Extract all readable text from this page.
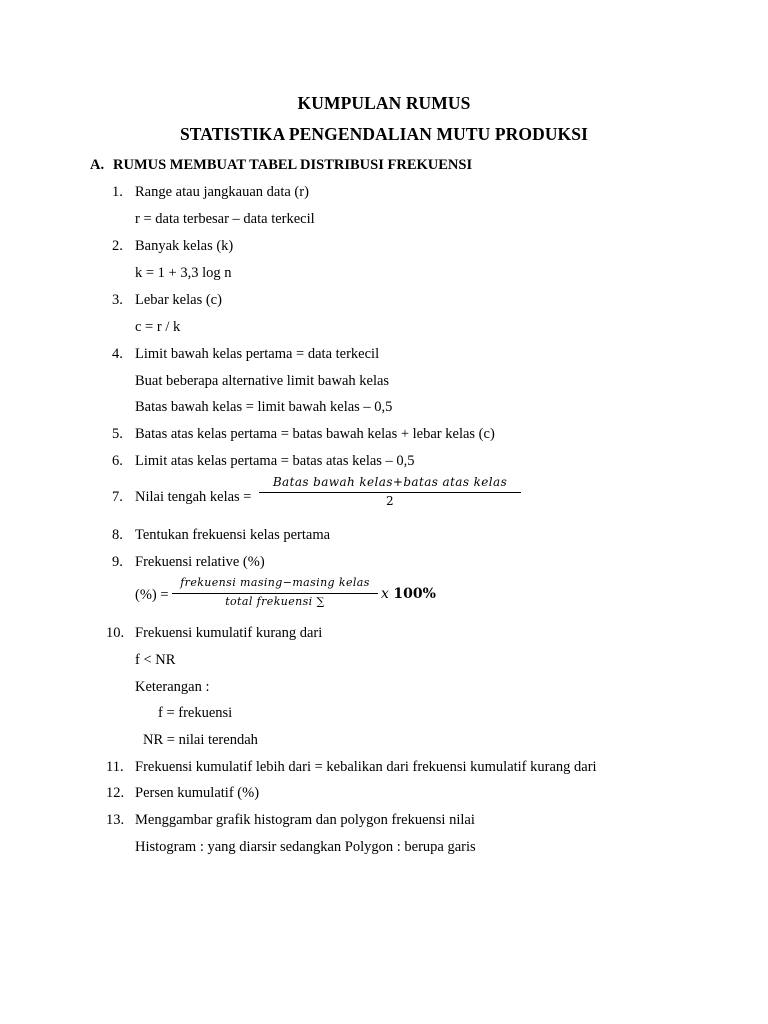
KUMPULAN RUMUS
STATISTIKA PENGENDALIAN MUTU PRODUKSI
A. RUMUS MEMBUAT TABEL DISTRIBUSI FREKUENSI
1. Range atau jangkauan data (r)
r = data terbesar – data terkecil
2. Banyak kelas (k)
k = 1 + 3,3 log n
3. Lebar kelas (c)
c = r / k
4. Limit bawah kelas pertama = data terkecil
Buat beberapa alternative limit bawah kelas
Batas bawah kelas = limit bawah kelas – 0,5
5. Batas atas kelas pertama = batas bawah kelas + lebar kelas (c)
6. Limit atas kelas pertama = batas atas kelas – 0,5
7. Nilai tengah kelas =
Batas bawah kelas+batas atas kelas
2
8. Tentukan frekuensi kelas pertama
9. Frekuensi relative (%)
(%) =
frekuensi masing−masing kelas
total frekuensi ∑	x 100%
10. Frekuensi kumulatif kurang dari
f < NR
Keterangan :
f = frekuensi
NR = nilai terendah
11. Frekuensi kumulatif lebih dari = kebalikan dari frekuensi kumulatif kurang dari
12. Persen kumulatif (%)
13. Menggambar grafik histogram dan polygon frekuensi nilai
Histogram : yang diarsir sedangkan Polygon : berupa garis
